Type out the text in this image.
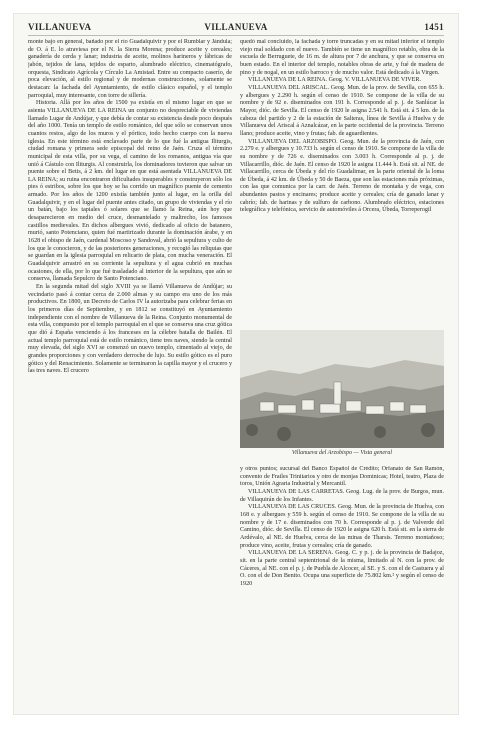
VILLANUEVA	VILLANUEVA	1451

monte bajo en general, bañado por el río Guadalquivir y por el Rumblar y Jándula; de O. á E. lo atraviesa por el N. la Sierra Morena; produce aceite y cereales; ganadería de cerda y lanar; industria de aceite, molinos harineros y fábricas de jabón, tejidos de lana, tejidos de esparto, alumbrado eléctrico, cinematógrafo, orquesta, Sindicato Agrícola y Círculo La Amistad. Entre su compacto caserío, de poca elevación, al estilo regional y de modernas construcciones, solamente se destacan: la fachada del Ayuntamiento, de estilo clásico español, y el templo parroquial, muy interesante, con torre de sillería.

Historia. Allá por los años de 1500 ya existía en el mismo lugar en que se asienta VILLANUEVA DE LA REINA un conjunto no despreciable de viviendas llamado Lugar de Andújar, y que debía de contar su existencia desde poco después del año 1000. Tenía un templo de estilo románico, del que sólo se conservan unos cuantos restos, algo de los muros y el pórtico, todo hecho cuerpo con la nueva iglesia. En este término está enclavado parte de lo que fué la antigua Iliturgis, ciudad romana y primera sede episcopal del reino de Jaén. Cruza el término municipal de esta villa, por su vega, el camino de los romanos, antigua vía que unió á Cástulo con Iliturgis. Al construirla, los dominadores tuvieron que salvar un puente sobre el Betis, á 2 km. del lugar en que está asentada VILLANUEVA DE LA REINA; su ruina encontraron dificultades insuperables y construyeron sólo los pies ó estribos, sobre los que hoy se ha corrido un magnífico puente de cemento armado. Por los años de 1200 existía también junto al lugar, en la orilla del Guadalquivir, y en el lugar del puente antes citado, un grupo de viviendas y el río un batán, bajo los tapiales ó solares que se llamó la Reina, aún hoy que desaparecieron en medio del cruce, desmantelado y maltrecho, los famosos castillos medievales. En dichos albergues vivió, dedicado al oficio de batanero, murió, santo Potenciano, quien fué martirizado durante la dominación árabe, y en 1628 el obispo de Jaén, cardenal Moscoso y Sandoval, abrió la sepultura y culto de los que le conocieron, y de las posteriores generaciones, y recogió las reliquias que se guardan en la iglesia parroquial en relicario de plata, con mucha veneración. El Guadalquivir arrastró en su corriente la sepultura y el agua cubrió en muchas ocasiones, de ella, por lo que fué trasladado al interior de la sepultura, que aún se conserva, llamada Sepulcro de Santo Potenciano.

En la segunda mitad del siglo XVIII ya se llamó Villanueva de Andújar; su vecindario pasó á contar cerca de 2.000 almas y su campo era uno de los más productivos. En 1800, un Decreto de Carlos IV la autorizaba para celebrar ferias en los primeros días de Septiembre, y en 1812 se constituyó en Ayuntamiento independiente con el nombre de Villanueva de la Reina. Conjunto monumental de esta villa, compuesto por el templo parroquial en el que se conserva una cruz gótica que dió á España venciendo á los franceses en la célebre batalla de Bailén. El actual templo parroquial está de estilo románico, tiene tres naves, siendo la central muy elevada, del siglo XVI se comenzó un nuevo templo, cimentado al viejo, de grandes proporciones y con verdadero derroche de lujo. Su estilo gótico es el puro gótico y del Renacimiento. Solamente se terminaron la capilla mayor y el crucero y las tres naves. El crucero

quedó mal concluido, la fachada y torre truncadas y en su mitad inferior el templo viejo mal soldado con el nuevo. También se tiene un magnífico retablo, obra de la escuela de Berruguete, de 16 m. de altura por 7 de anchura, y que se conserva en buen estado. En el interior del templo, notables obras de arte, y fué de madera de pino y de nogal, en un estilo barroco y de mucho valor. Está dedicado á la Virgen.

VILLANUEVA DE LA REINA. Geog. V. VILLANUEVA DE VIVER.

VILLANUEVA DEL ARISCAL. Geog. Mun. de la prov. de Sevilla, con 655 h. y albergues y 2.290 h. según el censo de 1910. Se compone de la villa de su nombre y de 92 e. diseminados con 191 h. Corresponde al p. j. de Sanlúcar la Mayor, dióc. de Sevilla. El censo de 1920 le asigna 2.541 h. Está sit. á 5 km. de la cabeza del partido y 2 de la estación de Salteras, línea de Sevilla á Huelva y de Villanueva del Ariscal á Aznalcázar, en la parte occidental de la provincia. Terreno llano; produce aceite, vino y frutas; fab. de aguardientes.

VILLANUEVA DEL ARZOBISPO. Geog. Mun. de la provincia de Jaén, con 2.279 e. y albergues y 10.733 h. según el censo de 1910. Se compone de la villa de su nombre y de 726 e. diseminados con 3.003 h. Corresponde al p. j. de Villacarrillo, dióc. de Jaén. El censo de 1920 le asigna 11.444 h. Está sit. al NE. de Villacarrillo, cerca de Úbeda y del río Guadalimar, en la parte oriental de la loma de Úbeda, á 42 km. de Úbeda y 50 de Baeza, que son las estaciones más próximas, con las que comunica por la carr. de Jaén. Terreno de montaña y de vega, con abundantes pastos y encinares; produce aceite y cereales; cría de ganado lanar y cabrío; fab. de harinas y de sulfuro de carbono. Alumbrado eléctrico, estaciones telegráfica y telefónica, servicio de automóviles á Orcera, Úbeda, Torreperogil

Villanueva del Arzobispo — Vista general

y otros puntos; sucursal del Banco Español de Crédito; Orfanato de San Ramón, convento de Frailes Trinitarios y otro de monjas Dominicas; Hotel, teatro, Plaza de toros, Unión Agraria Industrial y Mercantil.

VILLANUEVA DE LAS CARRETAS. Geog. Lug. de la prov. de Burgos, mun. de Villaquirán de los Infantes.

VILLANUEVA DE LAS CRUCES. Geog. Mun. de la provincia de Huelva, con 168 e. y albergues y 559 h. según el censo de 1910. Se compone de la villa de su nombre y de 17 e. diseminados con 70 h. Corresponde al p. j. de Valverde del Camino, dióc. de Sevilla. El censo de 1920 le asigna 620 h. Está sit. en la sierra de Ardévalo, al NE. de Huelva, cerca de las minas de Tharsis. Terreno montañoso; produce vino, aceite, frutas y cereales; cría de ganado.

VILLANUEVA DE LA SERENA. Geog. C. y p. j. de la provincia de Badajoz, sit. en la parte central septentrional de la misma, limitado al N. con la prov. de Cáceres, al NE. con el p. j. de Puebla de Alcocer, al SE. y S. con el de Castuera y al O. con el de Don Benito. Ocupa una superficie de 75.802 km.² y según el censo de 1920
